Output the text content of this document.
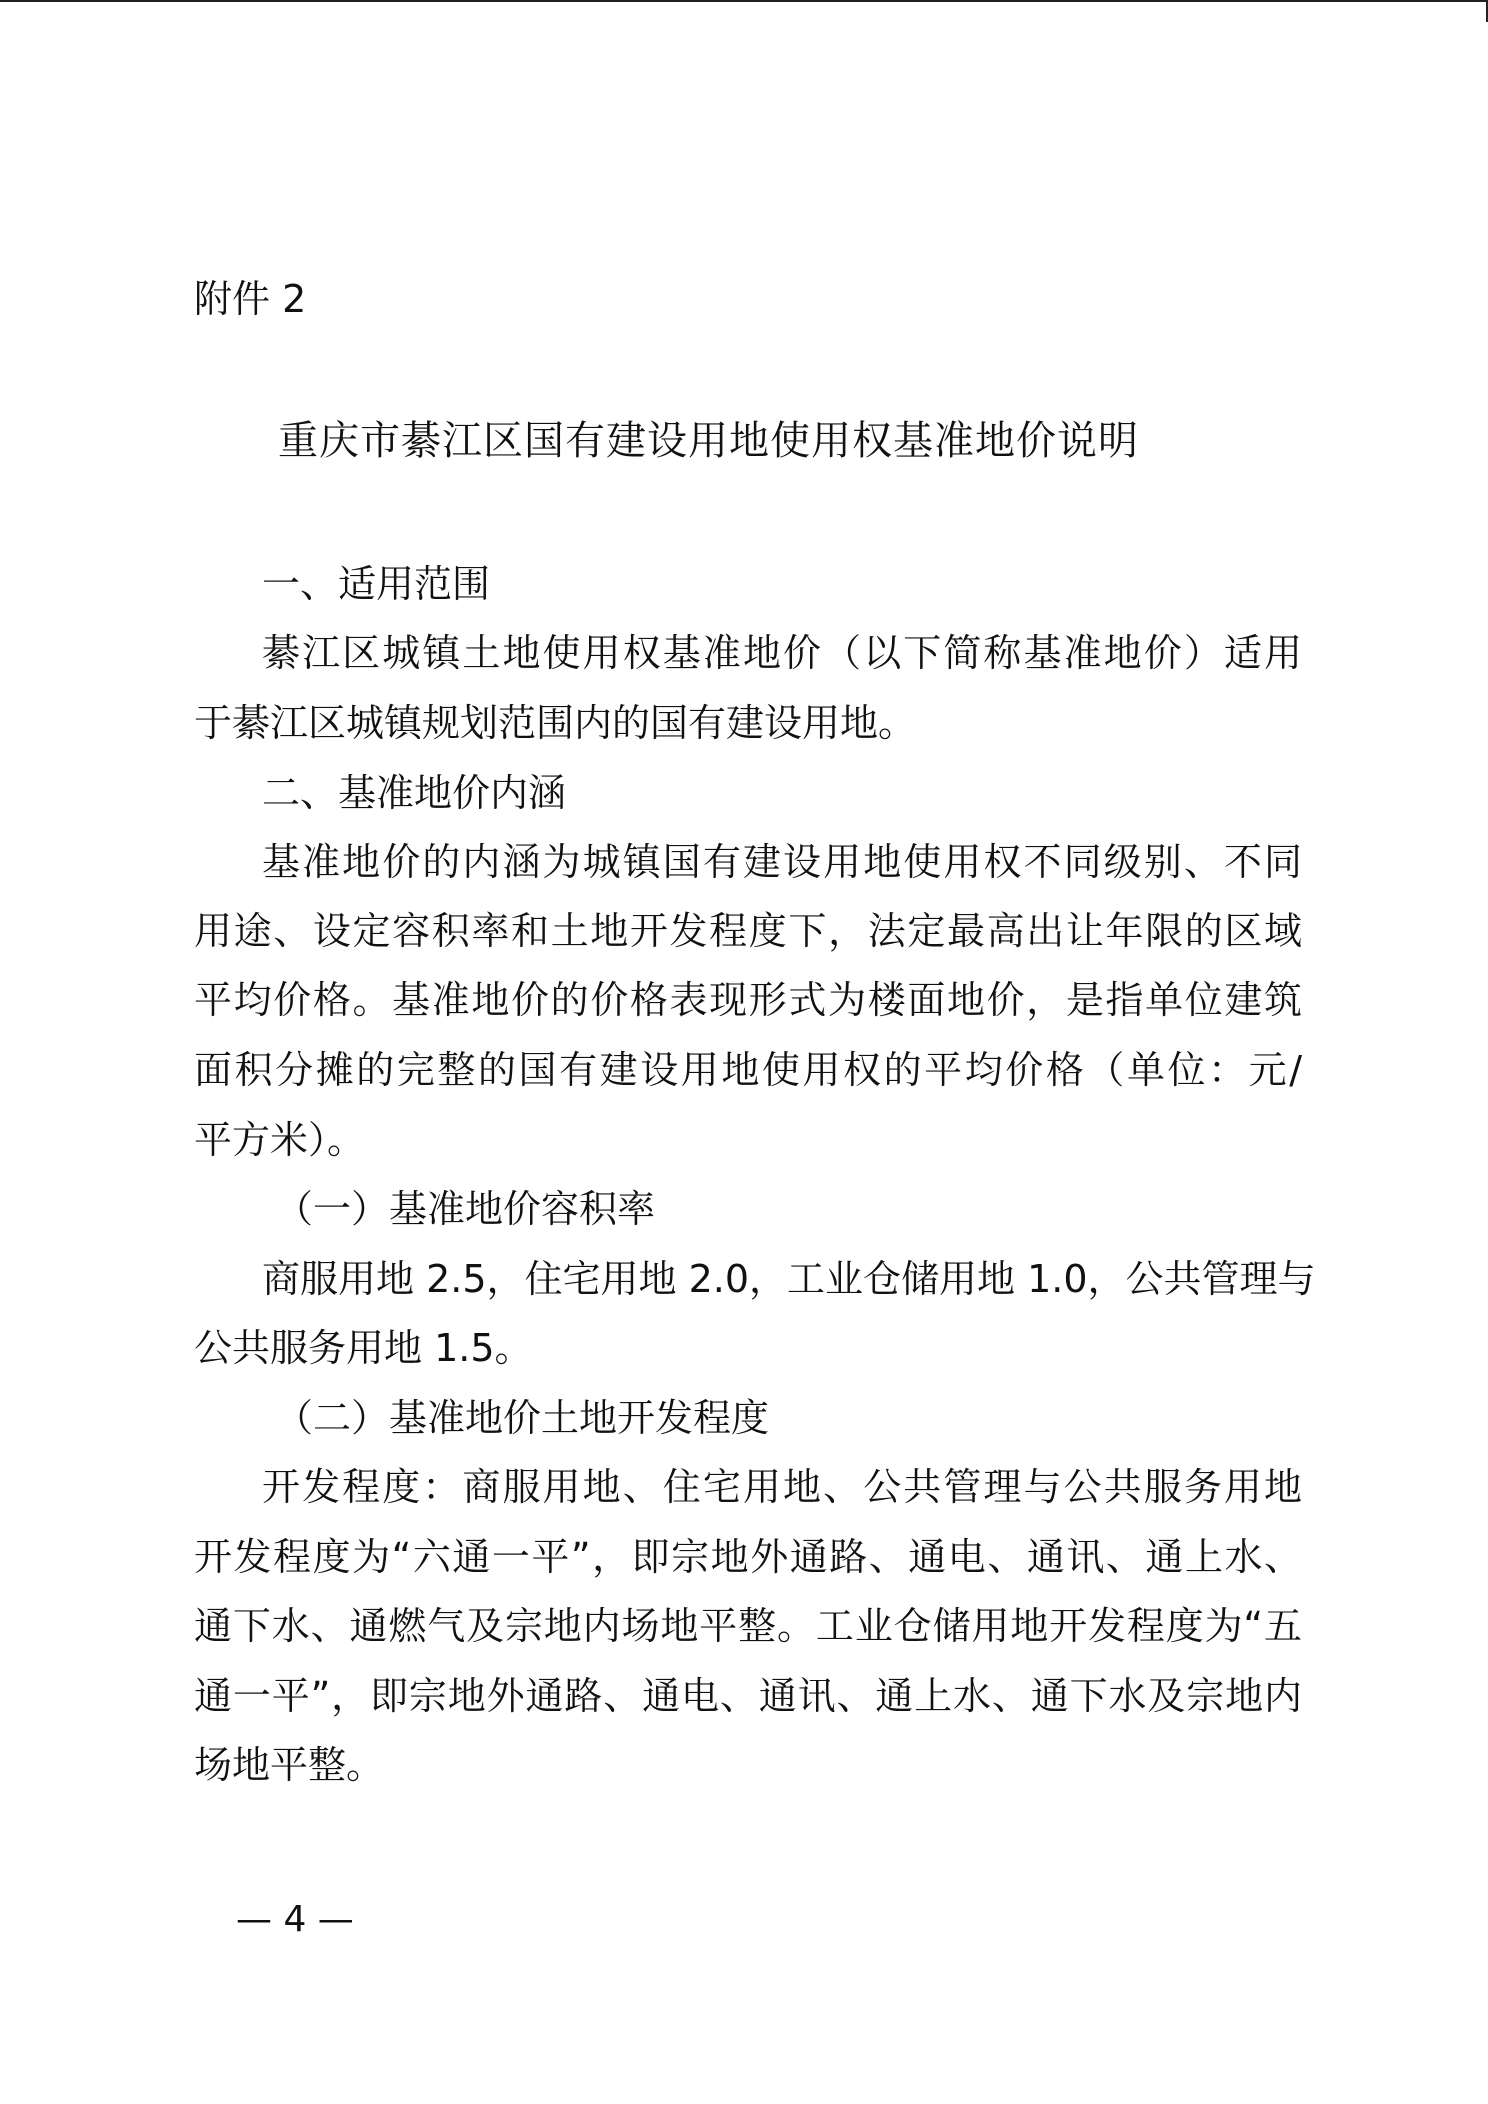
附件 2
重庆市綦江区国有建设用地使用权基准地价说明
一、适用范围
綦江区城镇土地使用权基准地价（以下简称基准地价）适用
于綦江区城镇规划范围内的国有建设用地。
二、基准地价内涵
基准地价的内涵为城镇国有建设用地使用权不同级别、不同
用途、设定容积率和土地开发程度下，法定最高出让年限的区域
平均价格。基准地价的价格表现形式为楼面地价，是指单位建筑
面积分摊的完整的国有建设用地使用权的平均价格（单位：元/
平方米）。
（一）基准地价容积率
商服用地 2.5，住宅用地 2.0，工业仓储用地 1.0，公共管理与
公共服务用地 1.5。
（二）基准地价土地开发程度
开发程度：商服用地、住宅用地、公共管理与公共服务用地
开发程度为“六通一平”，即宗地外通路、通电、通讯、通上水、
通下水、通燃气及宗地内场地平整。工业仓储用地开发程度为“五
通一平”，即宗地外通路、通电、通讯、通上水、通下水及宗地内
场地平整。
— 4 —
